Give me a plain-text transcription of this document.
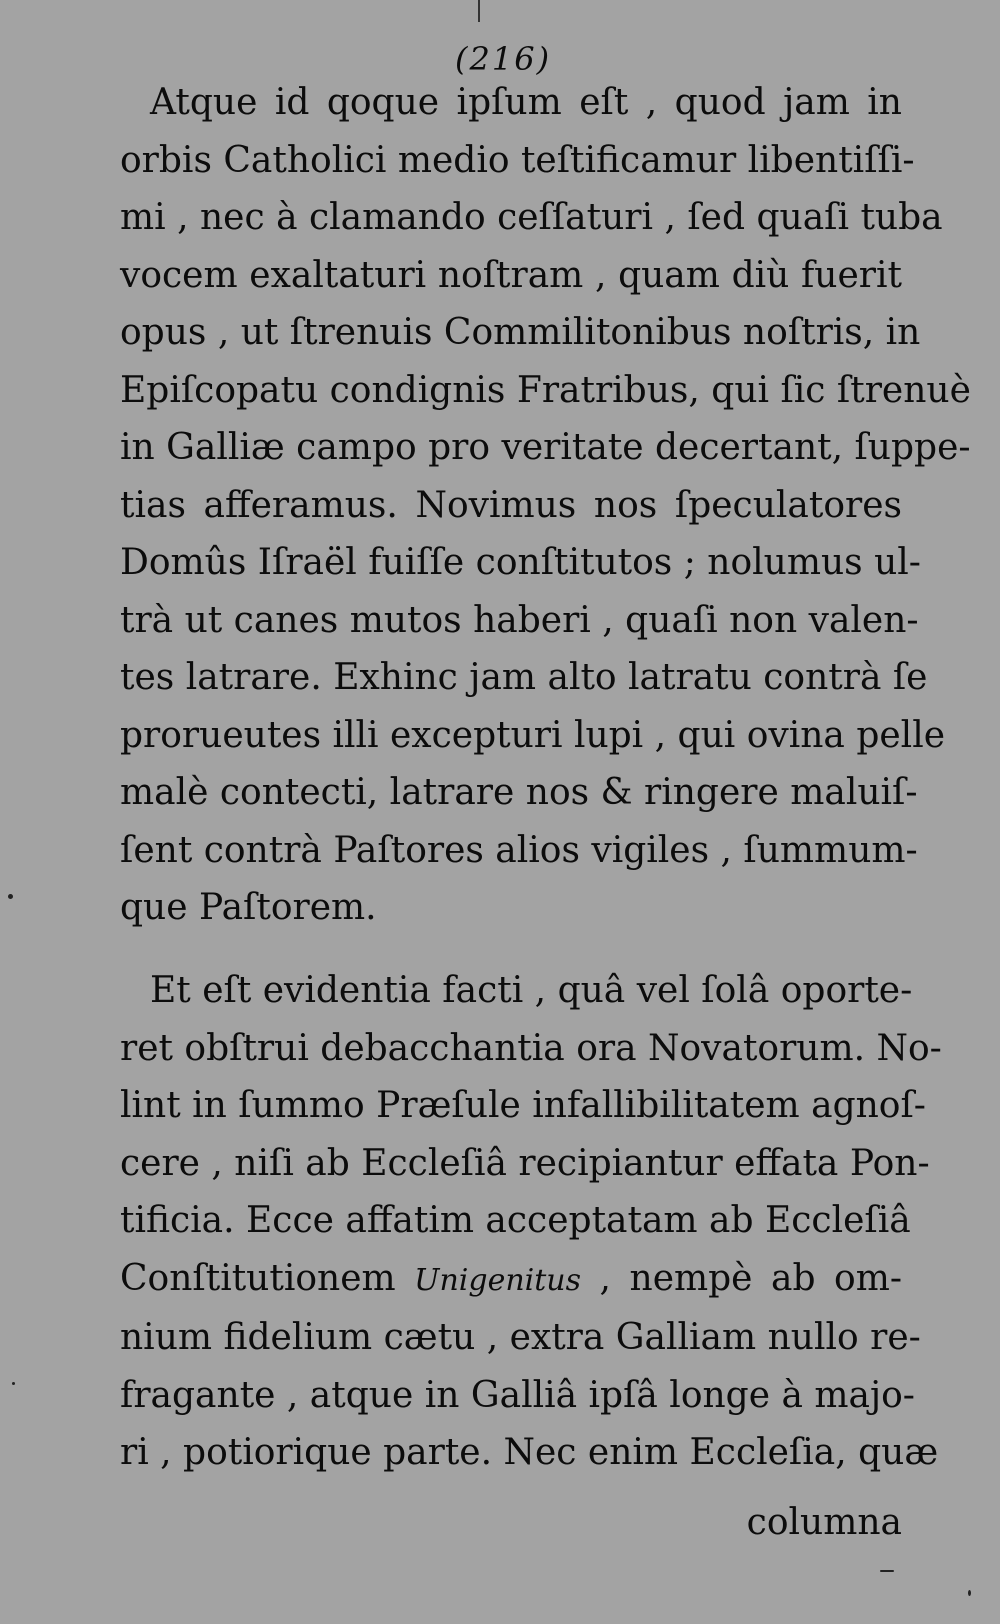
(216)
Atque id qoque ipſum eſt , quod jam in
orbis Catholici medio teſtificamur libentiſſi-
mi , nec à clamando ceſſaturi , ſed quaſi tuba
vocem exaltaturi noſtram , quam diù fuerit
opus , ut ſtrenuis Commilitonibus noſtris, in
Epiſcopatu condignis Fratribus, qui ſic ſtrenuè
in Galliæ campo pro veritate decertant, ſuppe-
tias afferamus. Novimus nos ſpeculatores
Domûs Iſraël fuiſſe conſtitutos ; nolumus ul-
trà ut canes mutos haberi , quaſi non valen-
tes latrare. Exhinc jam alto latratu contrà ſe
prorueutes illi excepturi lupi , qui ovina pelle
malè contecti, latrare nos & ringere maluiſ-
ſent contrà Paſtores alios vigiles , ſummum-
que Paſtorem.
Et eſt evidentia facti , quâ vel ſolâ oporte-
ret obſtrui debacchantia ora Novatorum. No-
lint in ſummo Præſule infallibilitatem agnoſ-
cere , niſi ab Eccleſiâ recipiantur effata Pon-
tificia. Ecce affatim acceptatam ab Eccleſiâ
Conſtitutionem Unigenitus , nempè ab om-
nium fidelium cætu , extra Galliam nullo re-
fragante , atque in Galliâ ipſâ longe à majo-
ri , potiorique parte. Nec enim Eccleſia, quæ
columna
